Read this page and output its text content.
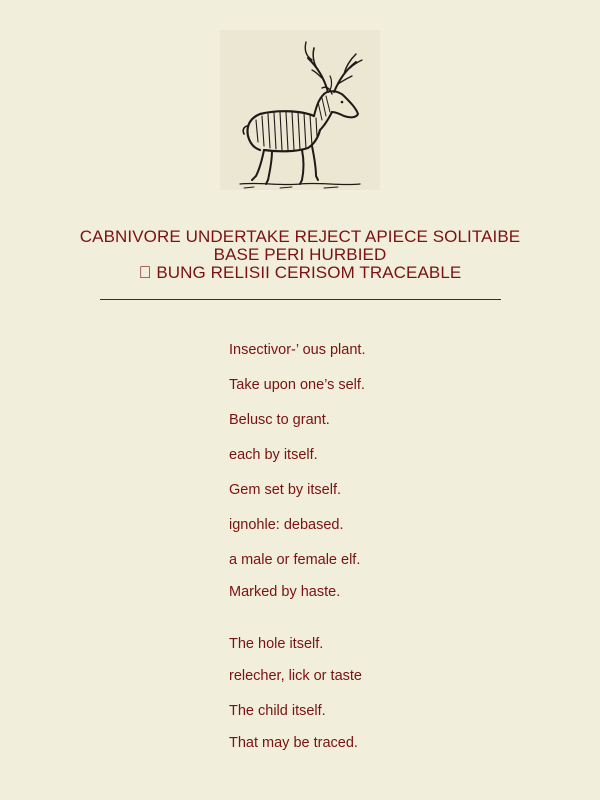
CABNIVORE UNDERTAKE REJECT APIECE SOLITAIBE
BASE PERI HURBIED
  BUNG RELISII CERISOM TRACEABLE
Insectivor-’ ous plant.
Take upon one’s self.
Belusc to grant.
each by itself.
Gem set by itself.
ignohle: debased.
a male or female elf.
Marked by haste.
The hole itself.
relecher, lick or taste
The child itself.
That may be traced.
